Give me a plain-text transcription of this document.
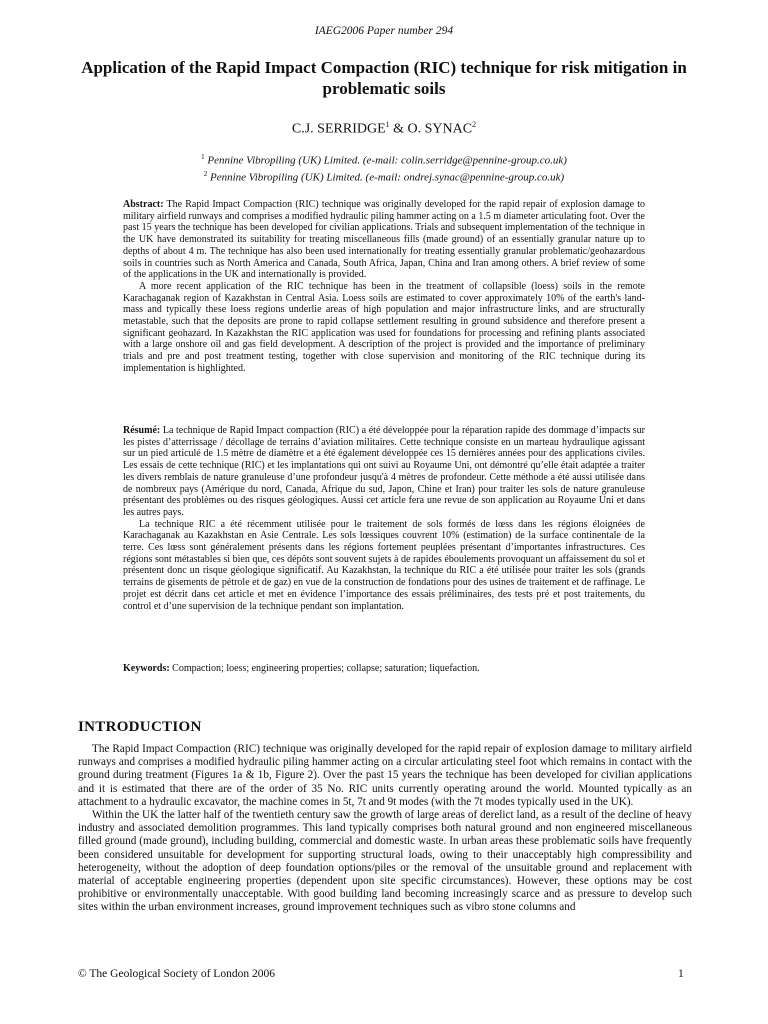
IAEG2006 Paper number 294
Application of the Rapid Impact Compaction (RIC) technique for risk mitigation in problematic soils
C.J. SERRIDGE$^1$ & O. SYNAC$^2$
$^1$ Pennine Vibropiling (UK) Limited. (e-mail: colin.serridge@pennine-group.co.uk)
$^2$ Pennine Vibropiling (UK) Limited. (e-mail: ondrej.synac@pennine-group.co.uk)

Abstract: The Rapid Impact Compaction (RIC) technique was originally developed for the rapid repair of explosion damage to military airfield runways and comprises a modified hydraulic piling hammer acting on a 1.5 m diameter articulating foot. Over the past 15 years the technique has been developed for civilian applications. Trials and subsequent implementation of the technique in the UK have demonstrated its suitability for treating miscellaneous fills (made ground) of an essentially granular nature up to depths of about 4 m. The technique has also been used internationally for treating essentially granular problematic/geohazardous soils in countries such as North America and Canada, South Africa, Japan, China and Iran among others. A brief review of some of the applications in the UK and internationally is provided.

A more recent application of the RIC technique has been in the treatment of collapsible (loess) soils in the remote Karachaganak region of Kazakhstan in Central Asia. Loess soils are estimated to cover approximately 10% of the earth's land-mass and typically these loess regions underlie areas of high population and major infrastructure links, and are structurally metastable, such that the deposits are prone to rapid collapse settlement resulting in ground subsidence and therefore present a significant geohazard. In Kazakhstan the RIC application was used for foundations for processing and refining plants associated with a large onshore oil and gas field development. A description of the project is provided and the importance of preliminary trials and pre and post treatment testing, together with close supervision and monitoring of the RIC technique during its implementation is highlighted.

Résumé: La technique de Rapid Impact compaction (RIC) a été développée pour la réparation rapide des dommage d’impacts sur les pistes d’atterrissage / décollage de terrains d’aviation militaires. Cette technique consiste en un marteau hydraulique agissant sur un pied articulé de 1.5 mètre de diamètre et a été également développée ces 15 dernières années pour des applications civiles. Les essais de cette technique (RIC) et les implantations qui ont suivi au Royaume Uni, ont démontré qu’elle était adaptée a traiter les divers remblais de nature granuleuse d’une profondeur jusqu'à 4 mètres de profondeur. Cette méthode a été aussi utilisée dans de nombreux pays (Amérique du nord, Canada, Afrique du sud, Japon, Chine et Iran) pour traiter les sols de nature granuleuse présentant des problèmes ou des risques géologiques. Aussi cet article fera une revue de son application au Royaume Uni et dans les autres pays.

La technique RIC a été récemment utilisée pour le traitement de sols formés de lœss dans les régions éloignées de Karachaganak au Kazakhstan en Asie Centrale. Les sols lœssiques couvrent 10% (estimation) de la surface continentale de la terre. Ces lœss sont généralement présents dans les régions fortement peuplées présentant d’importantes infrastructures. Ces régions sont métastables si bien que, ces dépôts sont souvent sujets à de rapides éboulements provoquant un affaissement du sol et présentent donc un risque géologique significatif. Au Kazakhstan, la technique du RIC a été utilisée pour traiter les sols (grands terrains de gisements de pétrole et de gaz) en vue de la construction de fondations pour des usines de traitement et de raffinage. Le projet est décrit dans cet article et met en évidence l’importance des essais préliminaires, des tests pré et post traitements, du control et d’une supervision de la technique pendant son implantation.

Keywords: Compaction; loess; engineering properties; collapse; saturation; liquefaction.

INTRODUCTION

The Rapid Impact Compaction (RIC) technique was originally developed for the rapid repair of explosion damage to military airfield runways and comprises a modified hydraulic piling hammer acting on a circular articulating steel foot which remains in contact with the ground during treatment (Figures 1a & 1b, Figure 2). Over the past 15 years the technique has been developed for civilian applications and it is estimated that there are of the order of 35 No. RIC units currently operating around the world. Mounted typically as an attachment to a hydraulic excavator, the machine comes in 5t, 7t and 9t modes (with the 7t modes typically used in the UK).

Within the UK the latter half of the twentieth century saw the growth of large areas of derelict land, as a result of the decline of heavy industry and associated demolition programmes. This land typically comprises both natural ground and non engineered miscellaneous filled ground (made ground), including building, commercial and domestic waste. In urban areas these problematic soils have frequently been considered unsuitable for development for supporting structural loads, owing to their unacceptably high compressibility and heterogeneity, without the adoption of deep foundation options/piles or the removal of the unsuitable ground and replacement with material of acceptable engineering properties (dependent upon site specific circumstances). However, these options may be cost prohibitive or environmentally unacceptable. With good building land becoming increasingly scarce and as pressure to develop such sites within the urban environment increases, ground improvement techniques such as vibro stone columns and

© The Geological Society of London 2006	1
